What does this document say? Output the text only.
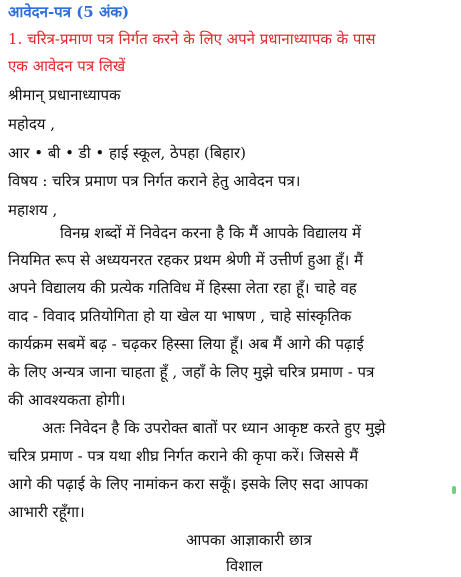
आवेदन-पत्र (5 अंक)
1. चरित्र-प्रमाण पत्र निर्गत करने के लिए अपने प्रधानाध्यापक के पास
एक आवेदन पत्र लिखें
श्रीमान् प्रधानाध्यापक
महोदय ,
आर • बी • डी • हाई स्कूल, ठेपहा (बिहार)
विषय : चरित्र प्रमाण पत्र निर्गत कराने हेतु आवेदन पत्र।
महाशय ,
विनम्र शब्दों में निवेदन करना है कि मैं आपके विद्यालय में
नियमित रूप से अध्ययनरत रहकर प्रथम श्रेणी में उत्तीर्ण हुआ हूँ। मैं
अपने विद्यालय की प्रत्येक गतिविध में हिस्सा लेता रहा हूँ। चाहे वह
वाद - विवाद प्रतियोगिता हो या खेल या भाषण , चाहे सांस्कृतिक
कार्यक्रम सबमें बढ़ - चढ़कर हिस्सा लिया हूँ। अब मैं आगे की पढ़ाई
के लिए अन्यत्र जाना चाहता हूँ , जहाँ के लिए मुझे चरित्र प्रमाण - पत्र
की आवश्यकता होगी।
अतः निवेदन है कि उपरोक्त बातों पर ध्यान आकृष्ट करते हुए मुझे
चरित्र प्रमाण - पत्र यथा शीघ्र निर्गत कराने की कृपा करें। जिससे मैं
आगे की पढ़ाई के लिए नामांकन करा सकूँ। इसके लिए सदा आपका
आभारी रहूँगा।
आपका आज्ञाकारी छात्र
विशाल
